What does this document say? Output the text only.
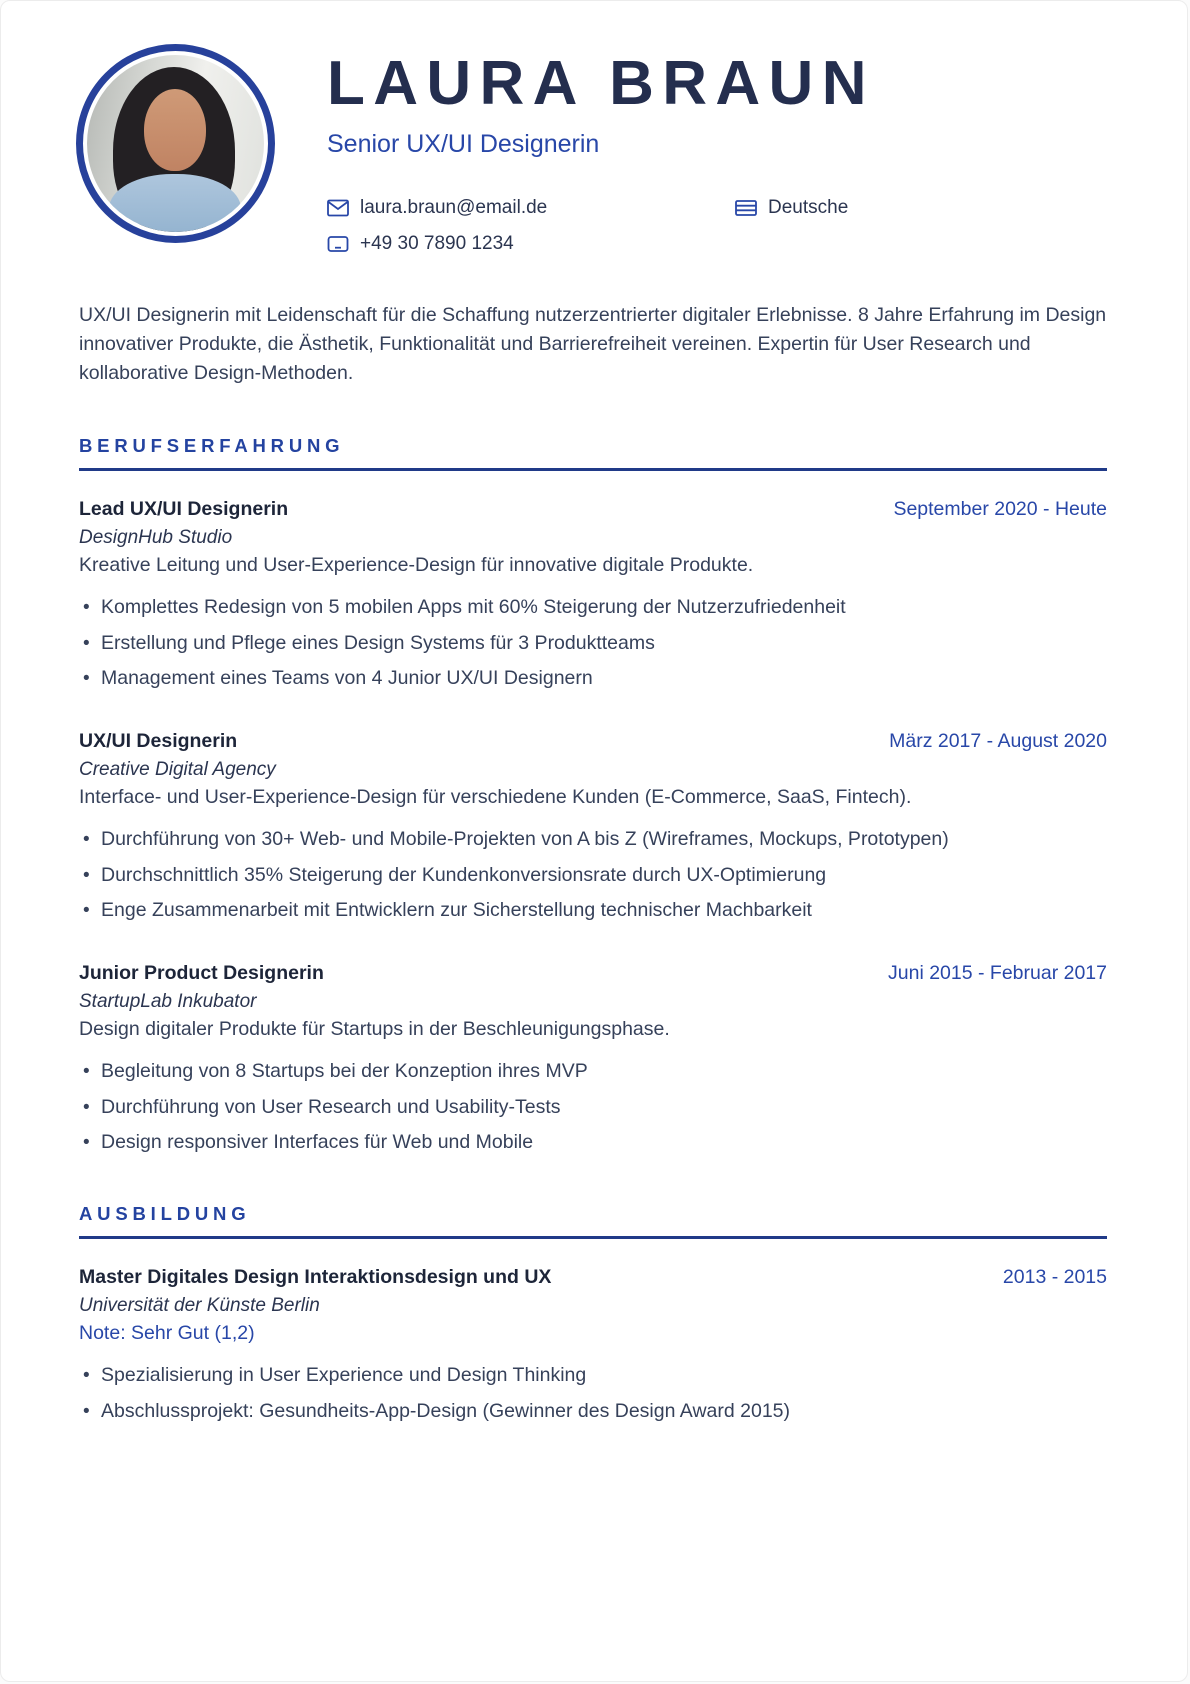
LAURA BRAUN
Senior UX/UI Designerin
laura.braun@email.de	Deutsche
+49 30 7890 1234

UX/UI Designerin mit Leidenschaft für die Schaffung nutzerzentrierter digitaler Erlebnisse. 8 Jahre Erfahrung im Design innovativer Produkte, die Ästhetik, Funktionalität und Barrierefreiheit vereinen. Expertin für User Research und kollaborative Design-Methoden.

BERUFSERFAHRUNG
Lead UX/UI Designerin	September 2020 - Heute
DesignHub Studio
Kreative Leitung und User-Experience-Design für innovative digitale Produkte.
• Komplettes Redesign von 5 mobilen Apps mit 60% Steigerung der Nutzerzufriedenheit
• Erstellung und Pflege eines Design Systems für 3 Produktteams
• Management eines Teams von 4 Junior UX/UI Designern
UX/UI Designerin	März 2017 - August 2020
Creative Digital Agency
Interface- und User-Experience-Design für verschiedene Kunden (E-Commerce, SaaS, Fintech).
• Durchführung von 30+ Web- und Mobile-Projekten von A bis Z (Wireframes, Mockups, Prototypen)
• Durchschnittlich 35% Steigerung der Kundenkonversionsrate durch UX-Optimierung
• Enge Zusammenarbeit mit Entwicklern zur Sicherstellung technischer Machbarkeit
Junior Product Designerin	Juni 2015 - Februar 2017
StartupLab Inkubator
Design digitaler Produkte für Startups in der Beschleunigungsphase.
• Begleitung von 8 Startups bei der Konzeption ihres MVP
• Durchführung von User Research und Usability-Tests
• Design responsiver Interfaces für Web und Mobile
AUSBILDUNG
Master Digitales Design Interaktionsdesign und UX	2013 - 2015
Universität der Künste Berlin
Note: Sehr Gut (1,2)
• Spezialisierung in User Experience und Design Thinking
• Abschlussprojekt: Gesundheits-App-Design (Gewinner des Design Award 2015)
